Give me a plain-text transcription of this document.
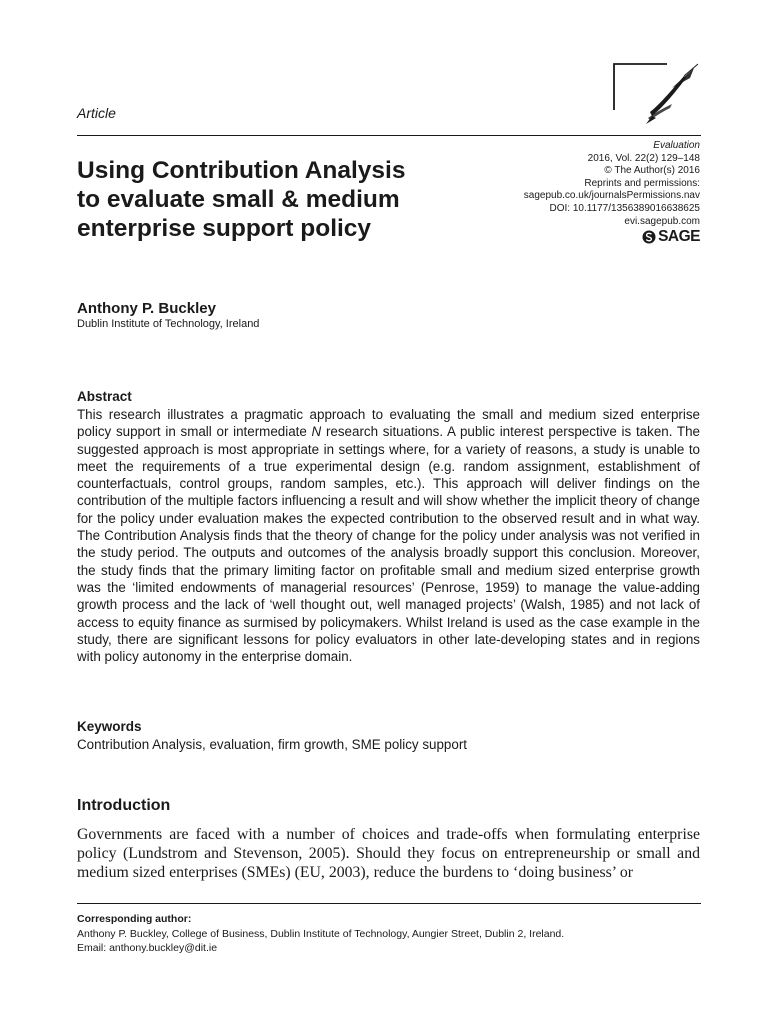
Article
Evaluation
2016, Vol. 22(2) 129–148
© The Author(s) 2016
Reprints and permissions:
sagepub.co.uk/journalsPermissions.nav
DOI: 10.1177/1356389016638625
evi.sagepub.com
SAGE
Using Contribution Analysis
to evaluate small & medium
enterprise support policy
Anthony P. Buckley
Dublin Institute of Technology, Ireland
Abstract
This research illustrates a pragmatic approach to evaluating the small and medium sized enterprise policy support in small or intermediate N research situations. A public interest perspective is taken. The suggested approach is most appropriate in settings where, for a variety of reasons, a study is unable to meet the requirements of a true experimental design (e.g. random assignment, establishment of counterfactuals, control groups, random samples, etc.). This approach will deliver findings on the contribution of the multiple factors influencing a result and will show whether the implicit theory of change for the policy under evaluation makes the expected contribution to the observed result and in what way. The Contribution Analysis finds that the theory of change for the policy under analysis was not verified in the study period. The outputs and outcomes of the analysis broadly support this conclusion. Moreover, the study finds that the primary limiting factor on profitable small and medium sized enterprise growth was the ‘limited endowments of managerial resources’ (Penrose, 1959) to manage the value-adding growth process and the lack of ‘well thought out, well managed projects’ (Walsh, 1985) and not lack of access to equity finance as surmised by policymakers. Whilst Ireland is used as the case example in the study, there are significant lessons for policy evaluators in other late-developing states and in regions with policy autonomy in the enterprise domain.
Keywords
Contribution Analysis, evaluation, firm growth, SME policy support
Introduction
Governments are faced with a number of choices and trade-offs when formulating enterprise policy (Lundstrom and Stevenson, 2005). Should they focus on entrepreneurship or small and medium sized enterprises (SMEs) (EU, 2003), reduce the burdens to ‘doing business’ or
Corresponding author:
Anthony P. Buckley, College of Business, Dublin Institute of Technology, Aungier Street, Dublin 2, Ireland.
Email: anthony.buckley@dit.ie
